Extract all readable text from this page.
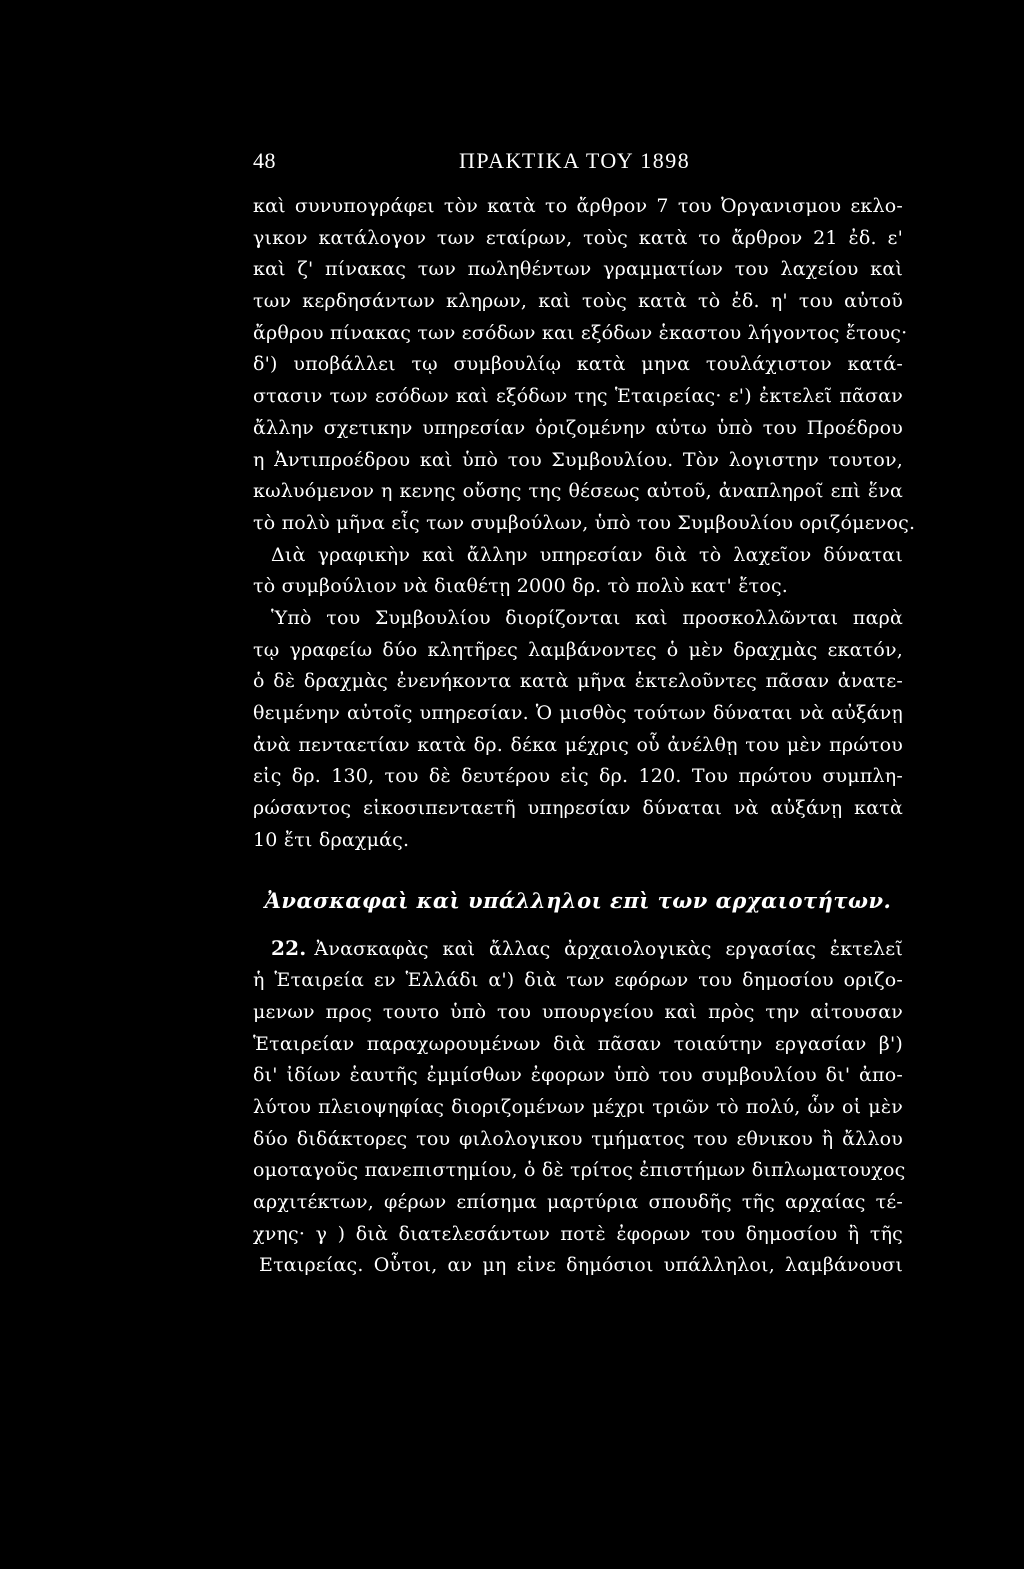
48	ΠΡΑΚΤΙΚΑ ΤΟΥ 1898
καὶ συνυπογράφει τὸν κατὰ το ἄρθρον 7 του Ὀργανισμου εκλο-
γικον κατάλογον των εταίρων, τοὺς κατὰ το ἄρθρον 21 ἐδ. ε'
καὶ ζ' πίνακας των πωληθέντων γραμματίων του λαχείου καὶ
των κερδησάντων κληρων, καὶ τοὺς κατὰ τὸ ἐδ. η' του αὐτοῦ
ἄρθρου πίνακας των εσόδων και εξόδων ἑκαστου λήγοντος ἔτους·
δ') υποβάλλει τῳ συμβουλίῳ κατὰ μηνα τουλάχιστον κατά-
στασιν των εσόδων καὶ εξόδων της Ἑταιρείας· ε') ἐκτελεῖ πᾶσαν
ἄλλην σχετικην υπηρεσίαν ὁριζομένην αὐτω ὑπὸ του Προέδρου
η Ἀντιπροέδρου καὶ ὑπὸ του Συμβουλίου. Τὸν λογιστην τουτον,
κωλυόμενον η κενης οὔσης της θέσεως αὐτοῦ, ἀναπληροῖ επὶ ἕνα
τὸ πολὺ μῆνα εἷς των συμβούλων, ὑπὸ του Συμβουλίου οριζόμενος.
Διὰ γραφικὴν καὶ ἄλλην υπηρεσίαν διὰ τὸ λαχεῖον δύναται
τὸ συμβούλιον νὰ διαθέτῃ 2000 δρ. τὸ πολὺ κατ' ἔτος.
Ὑπὸ του Συμβουλίου διορίζονται καὶ προσκολλῶνται παρὰ
τῳ γραφείω δύο κλητῆρες λαμβάνοντες ὁ μὲν δραχμὰς εκατόν,
ὁ δὲ δραχμὰς ἐνενήκοντα κατὰ μῆνα ἐκτελοῦντες πᾶσαν ἀνατε-
θειμένην αὐτοῖς υπηρεσίαν. Ὁ μισθὸς τούτων δύναται νὰ αὐξάνῃ
ἀνὰ πενταετίαν κατὰ δρ. δέκα μέχρις οὗ ἀνέλθῃ του μὲν πρώτου
εἰς δρ. 130, του δὲ δευτέρου εἰς δρ. 120. Του πρώτου συμπλη-
ρώσαντος εἰκοσιπενταετῆ υπηρεσίαν δύναται νὰ αὐξάνῃ κατὰ
10 ἔτι δραχμάς.
Ἀνασκαφαὶ καὶ υπάλληλοι επὶ των αρχαιοτήτων.
22. Ἀνασκαφὰς καὶ ἄλλας ἀρχαιολογικὰς εργασίας ἐκτελεῖ
ἡ Ἑταιρεία εν Ἑλλάδι α') διὰ των εφόρων του δημοσίου οριζο-
μενων προς τουτο ὑπὸ του υπουργείου καὶ πρὸς την αἰτουσαν
Ἑταιρείαν παραχωρουμένων διὰ πᾶσαν τοιαύτην εργασίαν β')
δι' ἰδίων ἑαυτῆς ἐμμίσθων ἐφορων ὑπὸ του συμβουλίου δι' ἀπο-
λύτου πλειοψηφίας διοριζομένων μέχρι τριῶν τὸ πολύ, ὧν οἱ μὲν
δύο διδάκτορες του φιλολογικου τμήματος του εθνικου ἢ ἄλλου
ομοταγοῦς πανεπιστημίου, ὁ δὲ τρίτος ἐπιστήμων διπλωματουχος
αρχιτέκτων, φέρων επίσημα μαρτύρια σπουδῆς τῆς αρχαίας τέ-
χνης· γ ) διὰ διατελεσάντων ποτὲ ἐφορων του δημοσίου ἢ τῆς
Εταιρείας. Οὗτοι, αν μη εἰνε δημόσιοι υπάλληλοι, λαμβάνουσι
